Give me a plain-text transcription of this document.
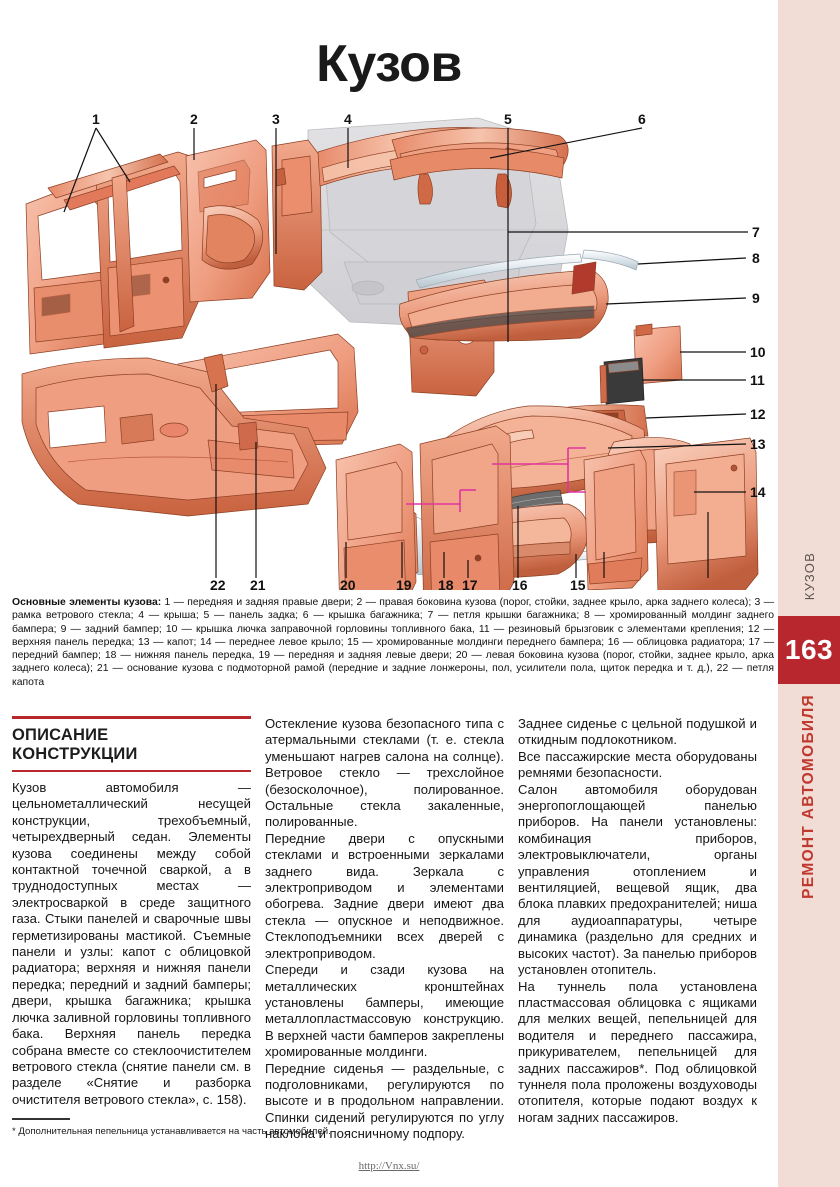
КУЗОВ
163
РЕМОНТ АВТОМОБИЛЯ
Кузов
1	2	3	4	5	6
7
8
9
10
11
12
13
14
15
16
17
18
19
20
21
22
Основные элементы кузова: 1 — передняя и задняя правые двери; 2 — правая боковина кузова (порог, стойки, заднее крыло, арка заднего колеса); 3 — рамка ветрового стекла; 4 — крыша; 5 — панель задка; 6 — крышка багажника; 7 — петля крышки багажника; 8 — хромированный молдинг заднего бампера; 9 — задний бампер; 10 — крышка лючка заправочной горловины топливного бака, 11 — резиновый брызговик с элементами крепления; 12 — верхняя панель передка; 13 — капот; 14 — переднее левое крыло; 15 — хромированные молдинги переднего бампера; 16 — облицовка радиатора; 17 — передний бампер; 18 — нижняя панель передка, 19 — передняя и задняя левые двери; 20 — левая боковина кузова (порог, стойки, заднее крыло, арка заднего колеса); 21 — основание кузова с подмоторной рамой (передние и задние лонжероны, пол, усилители пола, щиток передка и т. д.), 22 — петля капота
ОПИСАНИЕ
КОНСТРУКЦИИ

Кузов автомобиля — цельнометаллический несущей конструкции, трехобъемный, четырехдверный седан. Элементы кузова соединены между собой контактной точечной сваркой, а в труднодоступных местах — электросваркой в среде защитного газа. Стыки панелей и сварочные швы герметизированы мастикой. Съемные панели и узлы: капот с облицовкой радиатора; верхняя и нижняя панели передка; передний и задний бамперы; двери, крышка багажника; крышка лючка заливной горловины топливного бака. Верхняя панель передка собрана вместе со стеклоочистителем ветрового стекла (снятие панели см. в разделе «Снятие и разборка очистителя ветрового стекла», с. 158).

Остекление кузова безопасного типа с атермальными стеклами (т. е. стекла уменьшают нагрев салона на солнце). Ветровое стекло — трехслойное (безосколочное), полированное. Остальные стекла закаленные, полированные.

Передние двери с опускными стеклами и встроенными зеркалами заднего вида. Зеркала с электроприводом и элементами обогрева. Задние двери имеют два стекла — опускное и неподвижное. Стеклоподъемники всех дверей с электроприводом.

Спереди и сзади кузова на металлических кронштейнах установлены бамперы, имеющие металлопластмассовую конструкцию. В верхней части бамперов закреплены хромированные молдинги.

Передние сиденья — раздельные, с подголовниками, регулируются по высоте и в продольном направлении. Спинки сидений регулируются по углу наклона и поясничному подпору.

Заднее сиденье с цельной подушкой и откидным подлокотником.

Все пассажирские места оборудованы ремнями безопасности.

Салон автомобиля оборудован энергопоглощающей панелью приборов. На панели установлены: комбинация приборов, электровыключатели, органы управления отоплением и вентиляцией, вещевой ящик, два блока плавких предохранителей; ниша для аудиоаппаратуры, четыре динамика (раздельно для средних и высоких частот). За панелью приборов установлен отопитель.

На туннель пола установлена пластмассовая облицовка с ящиками для мелких вещей, пепельницей для водителя и переднего пассажира, прикуривателем, пепельницей для задних пассажиров*. Под облицовкой туннеля пола проложены воздуховоды отопителя, которые подают воздух к ногам задних пассажиров.

* Дополнительная пепельница устанавливается на часть автомобилей.
http://Vnx.su/
